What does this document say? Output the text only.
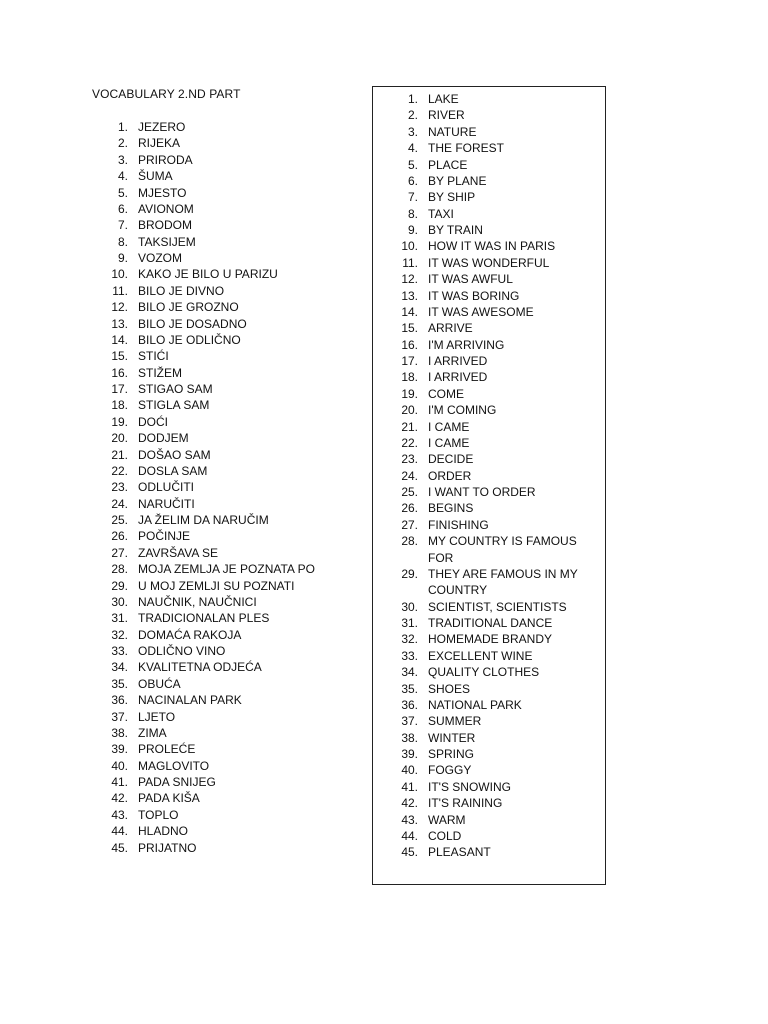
VOCABULARY 2.ND PART
1. JEZERO
2. RIJEKA
3. PRIRODA
4. ŠUMA
5. MJESTO
6. AVIONOM
7. BRODOM
8. TAKSIJEM
9. VOZOM
10. KAKO JE BILO U PARIZU
11. BILO JE DIVNO
12. BILO JE GROZNO
13. BILO JE DOSADNO
14. BILO JE ODLIČNO
15. STIĆI
16. STIŽEM
17. STIGAO SAM
18. STIGLA SAM
19. DOĆI
20. DODJEM
21. DOŠAO SAM
22. DOSLA SAM
23. ODLUČITI
24. NARUČITI
25. JA ŽELIM DA NARUČIM
26. POČINJE
27. ZAVRŠAVA SE
28. MOJA ZEMLJA JE POZNATA PO
29. U MOJ ZEMLJI SU POZNATI
30. NAUČNIK, NAUČNICI
31. TRADICIONALAN PLES
32. DOMAĆA RAKOJA
33. ODLIČNO VINO
34. KVALITETNA ODJEĆA
35. OBUĆA
36. NACINALAN PARK
37. LJETO
38. ZIMA
39. PROLEĆE
40. MAGLOVITO
41. PADA SNIJEG
42. PADA KIŠA
43. TOPLO
44. HLADNO
45. PRIJATNO
1. LAKE
2. RIVER
3. NATURE
4. THE FOREST
5. PLACE
6. BY PLANE
7. BY SHIP
8. TAXI
9. BY TRAIN
10. HOW IT WAS IN PARIS
11. IT WAS WONDERFUL
12. IT WAS AWFUL
13. IT WAS BORING
14. IT WAS AWESOME
15. ARRIVE
16. I'M ARRIVING
17. I ARRIVED
18. I ARRIVED
19. COME
20. I'M COMING
21. I CAME
22. I CAME
23. DECIDE
24. ORDER
25. I WANT TO ORDER
26. BEGINS
27. FINISHING
28. MY COUNTRY IS FAMOUS FOR
29. THEY ARE FAMOUS IN MY COUNTRY
30. SCIENTIST, SCIENTISTS
31. TRADITIONAL DANCE
32. HOMEMADE BRANDY
33. EXCELLENT WINE
34. QUALITY CLOTHES
35. SHOES
36. NATIONAL PARK
37. SUMMER
38. WINTER
39. SPRING
40. FOGGY
41. IT'S SNOWING
42. IT'S RAINING
43. WARM
44. COLD
45. PLEASANT
